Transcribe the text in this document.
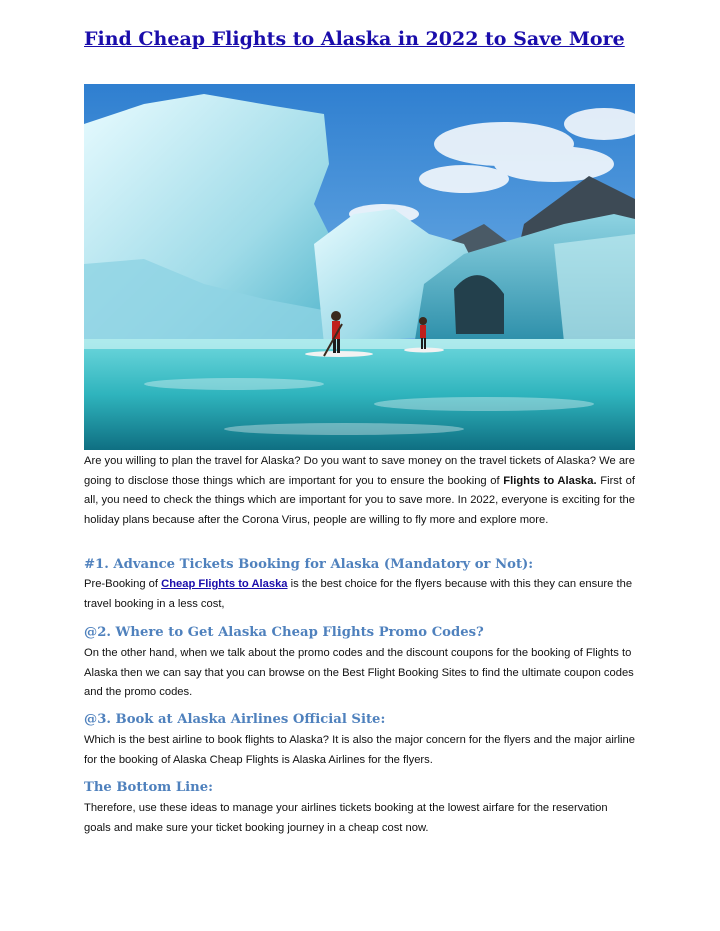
Find Cheap Flights to Alaska in 2022 to Save More

Are you willing to plan the travel for Alaska? Do you want to save money on the travel tickets of Alaska? We are going to disclose those things which are important for you to ensure the booking of Flights to Alaska. First of all, you need to check the things which are important for you to save more. In 2022, everyone is exciting for the holiday plans because after the Corona Virus, people are willing to fly more and explore more.

#1. Advance Tickets Booking for Alaska (Mandatory or Not):

Pre-Booking of Cheap Flights to Alaska is the best choice for the flyers because with this they can ensure the travel booking in a less cost,

@2. Where to Get Alaska Cheap Flights Promo Codes?

On the other hand, when we talk about the promo codes and the discount coupons for the booking of Flights to Alaska then we can say that you can browse on the Best Flight Booking Sites to find the ultimate coupon codes and the promo codes.

@3. Book at Alaska Airlines Official Site:

Which is the best airline to book flights to Alaska? It is also the major concern for the flyers and the major airline for the booking of Alaska Cheap Flights is Alaska Airlines for the flyers.

The Bottom Line:

Therefore, use these ideas to manage your airlines tickets booking at the lowest airfare for the reservation goals and make sure your ticket booking journey in a cheap cost now.
